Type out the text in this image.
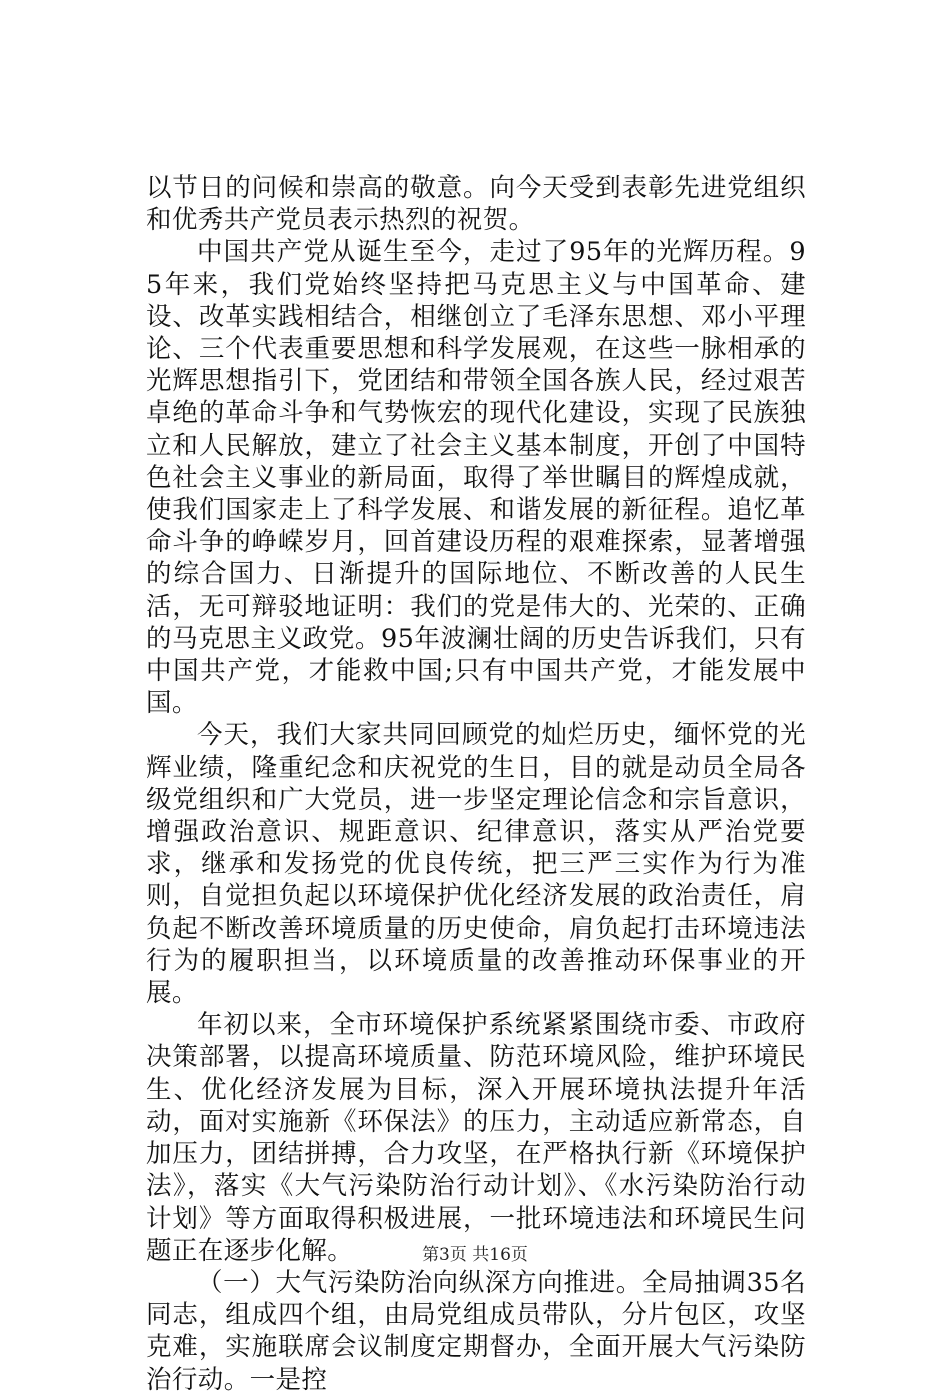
以节日的问候和崇高的敬意。向今天受到表彰先进党组织和优秀共产党员表示热烈的祝贺。

中国共产党从诞生至今，走过了95年的光辉历程。95年来，我们党始终坚持把马克思主义与中国革命、建设、改革实践相结合，相继创立了毛泽东思想、邓小平理论、三个代表重要思想和科学发展观，在这些一脉相承的光辉思想指引下，党团结和带领全国各族人民，经过艰苦卓绝的革命斗争和气势恢宏的现代化建设，实现了民族独立和人民解放，建立了社会主义基本制度，开创了中国特色社会主义事业的新局面，取得了举世瞩目的辉煌成就，使我们国家走上了科学发展、和谐发展的新征程。追忆革命斗争的峥嵘岁月，回首建设历程的艰难探索，显著增强的综合国力、日渐提升的国际地位、不断改善的人民生活，无可辩驳地证明：我们的党是伟大的、光荣的、正确的马克思主义政党。95年波澜壮阔的历史告诉我们，只有中国共产党，才能救中国;只有中国共产党，才能发展中国。

今天，我们大家共同回顾党的灿烂历史，缅怀党的光辉业绩，隆重纪念和庆祝党的生日，目的就是动员全局各级党组织和广大党员，进一步坚定理论信念和宗旨意识，增强政治意识、规距意识、纪律意识，落实从严治党要求，继承和发扬党的优良传统，把三严三实作为行为准则，自觉担负起以环境保护优化经济发展的政治责任，肩负起不断改善环境质量的历史使命，肩负起打击环境违法行为的履职担当，以环境质量的改善推动环保事业的开展。

年初以来，全市环境保护系统紧紧围绕市委、市政府决策部署，以提高环境质量、防范环境风险，维护环境民生、优化经济发展为目标，深入开展环境执法提升年活动，面对实施新《环保法》的压力，主动适应新常态，自加压力，团结拼搏，合力攻坚，在严格执行新《环境保护法》，落实《大气污染防治行动计划》、《水污染防治行动计划》等方面取得积极进展，一批环境违法和环境民生问题正在逐步化解。

（一）大气污染防治向纵深方向推进。全局抽调35名同志，组成四个组，由局党组成员带队，分片包区，攻坚克难，实施联席会议制度定期督办，全面开展大气污染防治行动。一是控

第3页 共16页
